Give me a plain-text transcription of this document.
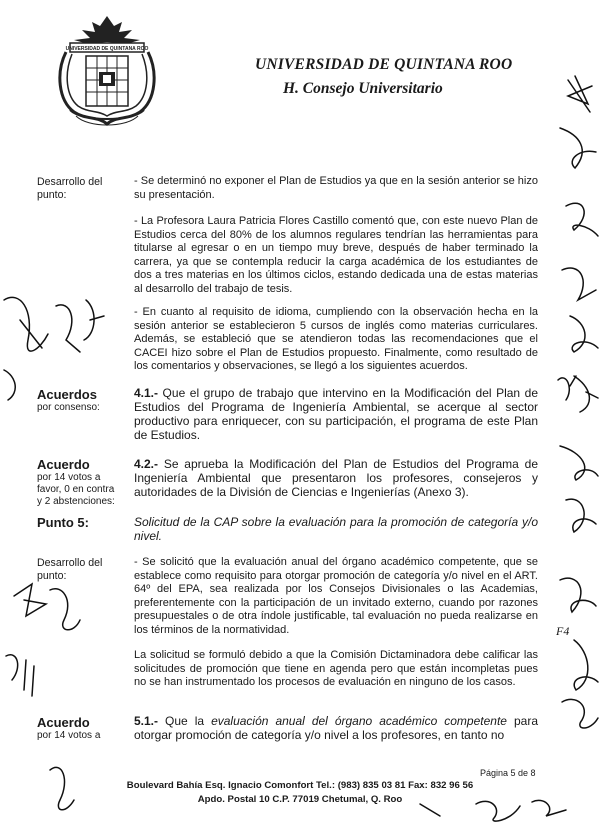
UNIVERSIDAD DE QUINTANA ROO
UNIVERSIDAD DE QUINTANA ROO
H. Consejo Universitario
Desarrollo del punto:
Acuerdos
por consenso:
Acuerdo
por 14 votos a favor, 0 en contra y 2 abstenciones:
Punto 5:
Desarrollo del punto:
Acuerdo
por 14 votos a
- Se determinó no exponer el Plan de Estudios ya que en la sesión anterior se hizo su presentación.
- La Profesora Laura Patricia Flores Castillo comentó que, con este nuevo Plan de Estudios cerca del 80% de los alumnos regulares tendrían las herramientas para titularse al egresar o en un tiempo muy breve, después de haber terminado la carrera, ya que se contempla reducir la carga académica de los estudiantes de dos a tres materias en los últimos ciclos, estando dedicada una de estas materias al desarrollo del trabajo de tesis.
- En cuanto al requisito de idioma, cumpliendo con la observación hecha en la sesión anterior se establecieron 5 cursos de inglés como materias curriculares. Además, se estableció que se atendieron todas las recomendaciones que el CACEI hizo sobre el Plan de Estudios propuesto. Finalmente, como resultado de los comentarios y observaciones, se llegó a los siguientes acuerdos.
4.1.- Que el grupo de trabajo que intervino en la Modificación del Plan de Estudios del Programa de Ingeniería Ambiental, se acerque al sector productivo para enriquecer, con su participación, el programa de este Plan de Estudios.
4.2.- Se aprueba la Modificación del Plan de Estudios del Programa de Ingeniería Ambiental que presentaron los profesores, consejeros y autoridades de la División de Ciencias e Ingenierías (Anexo 3).
Solicitud de la CAP sobre la evaluación para la promoción de categoría y/o nivel.
- Se solicitó que la evaluación anual del órgano académico competente, que se establece como requisito para otorgar promoción de categoría y/o nivel en el ART. 64º del EPA, sea realizada por los Consejos Divisionales o las Academias, preferentemente con la participación de un invitado externo, cuando por razones presupuestales o de otra índole justificable, tal evaluación no pueda realizarse en los términos de la normatividad.
La solicitud se formuló debido a que la Comisión Dictaminadora debe calificar las solicitudes de promoción que tiene en agenda pero que están incompletas pues no se han instrumentado los procesos de evaluación en ninguno de los casos.
5.1.- Que la evaluación anual del órgano académico competente para otorgar promoción de categoría y/o nivel a los profesores, en tanto no
Página 5 de 8
Boulevard Bahía Esq. Ignacio Comonfort Tel.: (983) 835 03 81 Fax: 832 96 56
Apdo. Postal 10 C.P. 77019 Chetumal, Q. Roo
F4
